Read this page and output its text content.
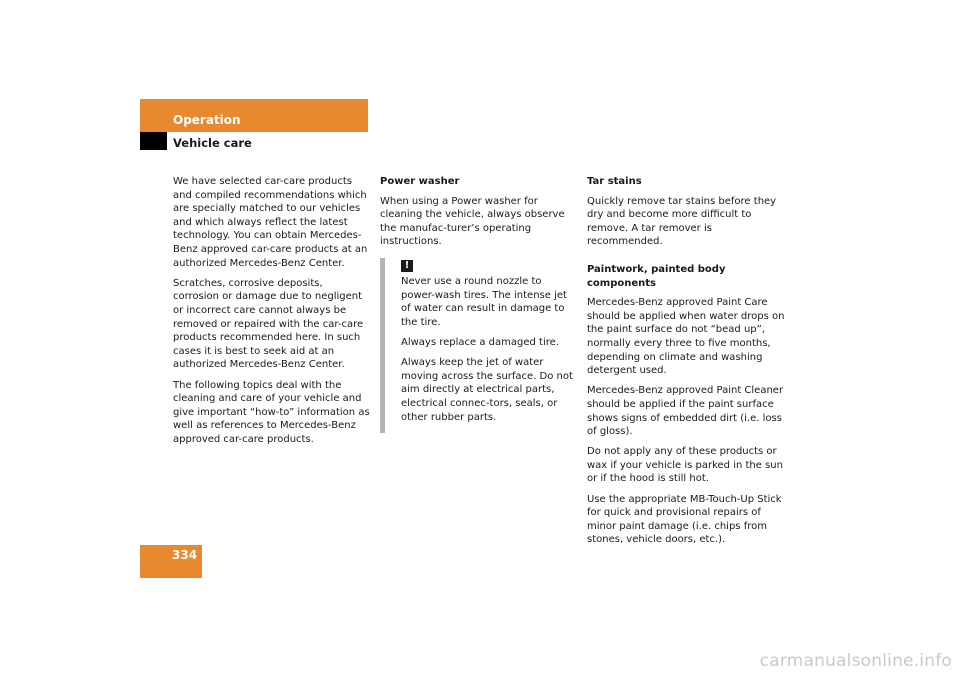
Operation
Vehicle care

We have selected car-care products and compiled recommendations which are specially matched to our vehicles and which always reflect the latest technology. You can obtain Mercedes-Benz approved car-care products at an authorized Mercedes-Benz Center.

Scratches, corrosive deposits, corrosion or damage due to negligent or incorrect care cannot always be removed or repaired with the car-care products recommended here. In such cases it is best to seek aid at an authorized Mercedes-Benz Center.

The following topics deal with the cleaning and care of your vehicle and give important “how-to” information as well as references to Mercedes-Benz approved car-care products.

Power washer

When using a Power washer for cleaning the vehicle, always observe the manufac-turer’s operating instructions.

!

Never use a round nozzle to power-wash tires. The intense jet of water can result in damage to the tire.

Always replace a damaged tire.

Always keep the jet of water moving across the surface. Do not aim directly at electrical parts, electrical connec-tors, seals, or other rubber parts.

Tar stains

Quickly remove tar stains before they dry and become more difficult to remove. A tar remover is recommended.

Paintwork, painted body components

Mercedes-Benz approved Paint Care should be applied when water drops on the paint surface do not “bead up”, normally every three to five months, depending on climate and washing detergent used.

Mercedes-Benz approved Paint Cleaner should be applied if the paint surface shows signs of embedded dirt (i.e. loss of gloss).

Do not apply any of these products or wax if your vehicle is parked in the sun or if the hood is still hot.

Use the appropriate MB-Touch-Up Stick for quick and provisional repairs of minor paint damage (i.e. chips from stones, vehicle doors, etc.).

334
carmanualsonline.info
